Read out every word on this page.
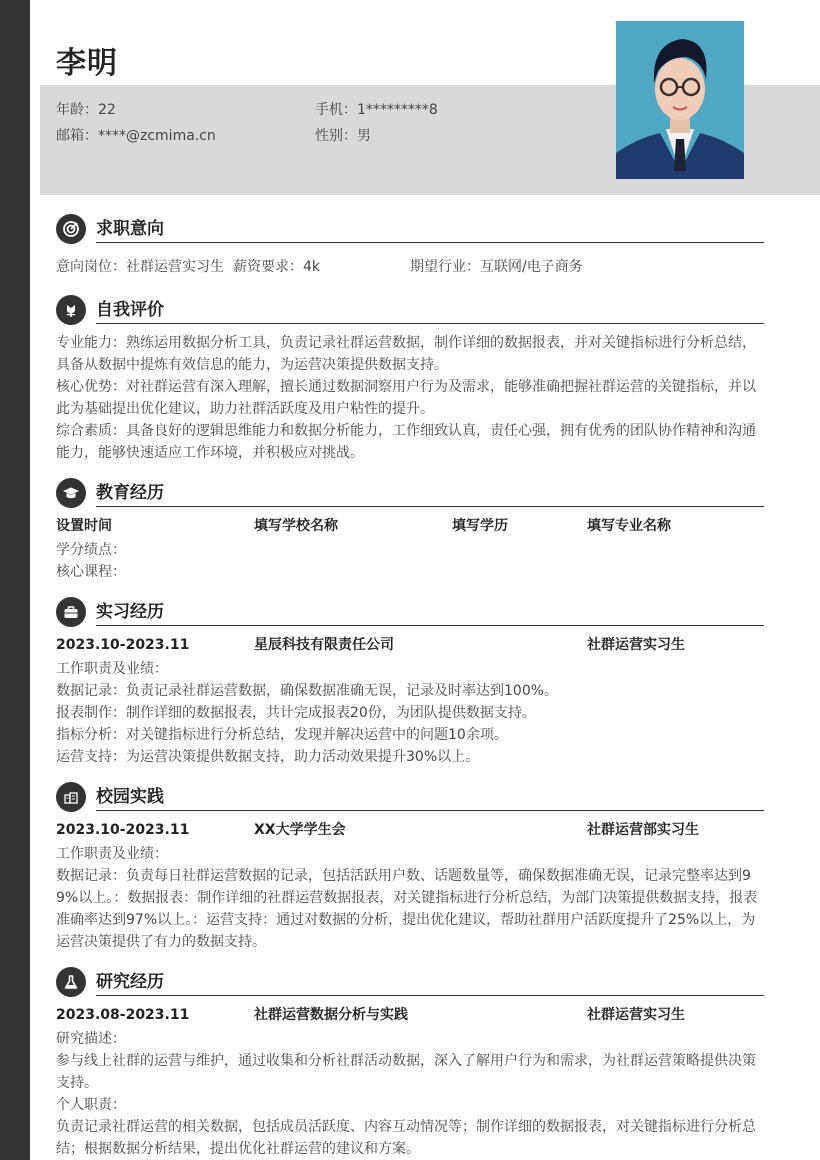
李明
年龄：22	手机：1*********8
邮箱：****@zcmima.cn	性别：男
求职意向
意向岗位：社群运营实习生 薪资要求：4k	期望行业：互联网/电子商务
自我评价
专业能力：熟练运用数据分析工具，负责记录社群运营数据，制作详细的数据报表，并对关键指标进行分析总结，具备从数据中提炼有效信息的能力，为运营决策提供数据支持。
核心优势：对社群运营有深入理解，擅长通过数据洞察用户行为及需求，能够准确把握社群运营的关键指标，并以此为基础提出优化建议，助力社群活跃度及用户粘性的提升。
综合素质：具备良好的逻辑思维能力和数据分析能力，工作细致认真，责任心强，拥有优秀的团队协作精神和沟通能力，能够快速适应工作环境，并积极应对挑战。
教育经历
设置时间	填写学校名称	填写学历	填写专业名称
学分绩点：
核心课程：
实习经历
2023.10-2023.11	星辰科技有限责任公司	社群运营实习生
工作职责及业绩：
数据记录：负责记录社群运营数据，确保数据准确无误，记录及时率达到100%。
报表制作：制作详细的数据报表，共计完成报表20份，为团队提供数据支持。
指标分析：对关键指标进行分析总结，发现并解决运营中的问题10余项。
运营支持：为运营决策提供数据支持，助力活动效果提升30%以上。
校园实践
2023.10-2023.11	XX大学学生会	社群运营部实习生
工作职责及业绩：
数据记录：负责每日社群运营数据的记录，包括活跃用户数、话题数量等，确保数据准确无误，记录完整率达到99%以上。：数据报表：制作详细的社群运营数据报表，对关键指标进行分析总结，为部门决策提供数据支持，报表准确率达到97%以上。：运营支持：通过对数据的分析，提出优化建议，帮助社群用户活跃度提升了25%以上，为运营决策提供了有力的数据支持。
研究经历
2023.08-2023.11	社群运营数据分析与实践	社群运营实习生
研究描述：
参与线上社群的运营与维护，通过收集和分析社群活动数据，深入了解用户行为和需求，为社群运营策略提供决策支持。
个人职责：
负责记录社群运营的相关数据，包括成员活跃度、内容互动情况等；制作详细的数据报表，对关键指标进行分析总结；根据数据分析结果，提出优化社群运营的建议和方案。
